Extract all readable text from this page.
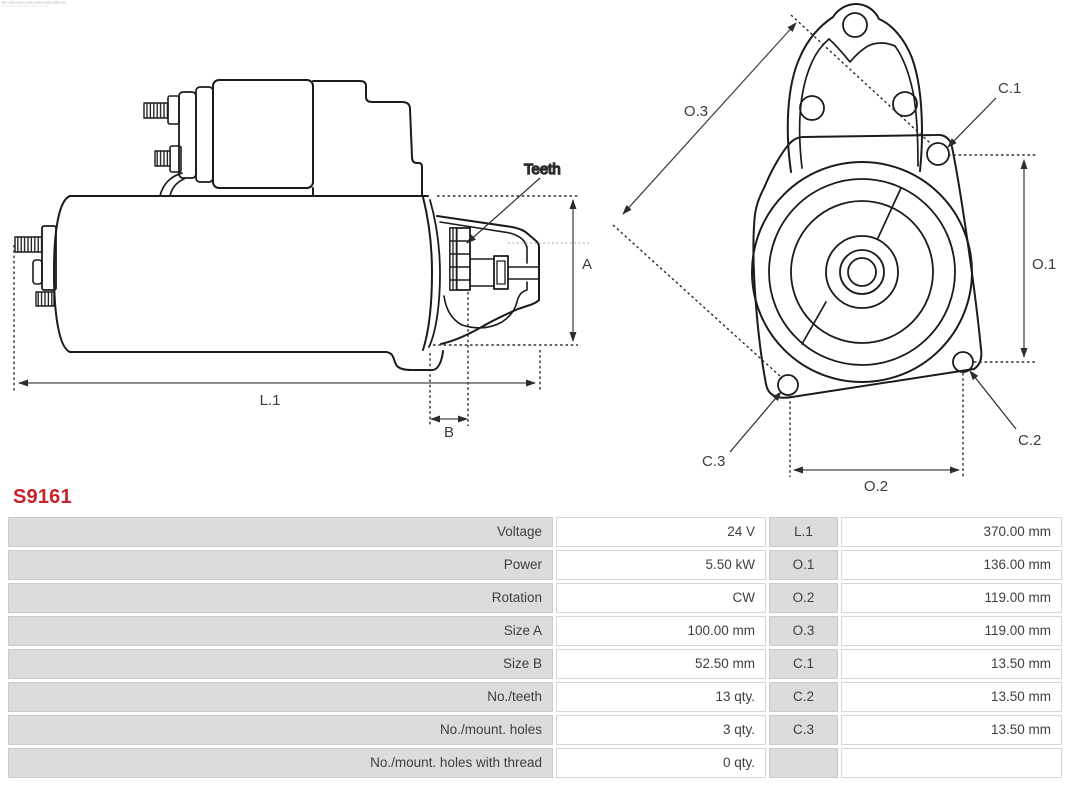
Teeth
A
B
L.1
O.3
O.1
O.2
C.1
C.2
C.3
S9161
Voltage	24 V	L.1	370.00 mm
Power	5.50 kW	O.1	136.00 mm
Rotation	CW	O.2	119.00 mm
Size A	100.00 mm	O.3	119.00 mm
Size B	52.50 mm	C.1	13.50 mm
No./teeth	13 qty.	C.2	13.50 mm
No./mount. holes	3 qty.	C.3	13.50 mm
No./mount. holes with thread	0 qty.
